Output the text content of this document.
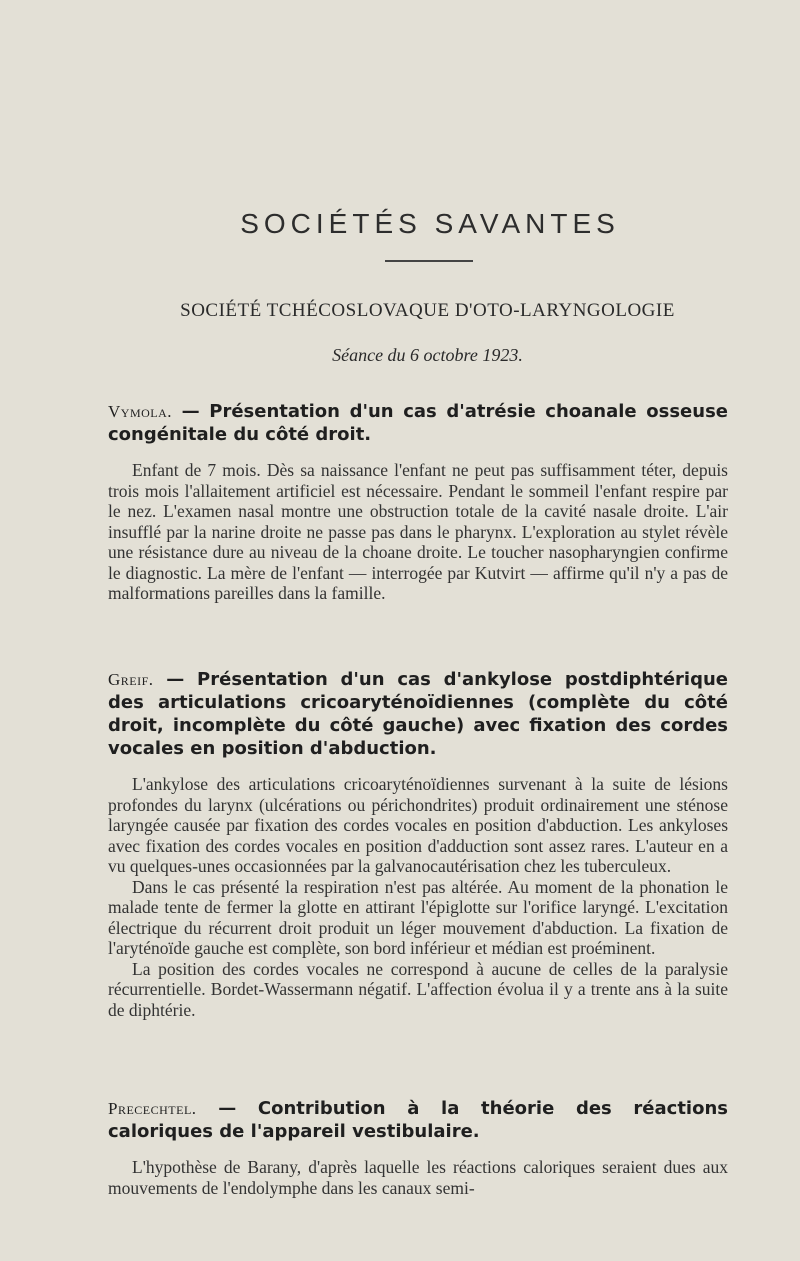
SOCIÉTÉS SAVANTES
SOCIÉTÉ TCHÉCOSLOVAQUE D'OTO-LARYNGOLOGIE
Séance du 6 octobre 1923.

Vymola. — Présentation d'un cas d'atrésie choanale osseuse congénitale du côté droit.

Enfant de 7 mois. Dès sa naissance l'enfant ne peut pas suffisamment téter, depuis trois mois l'allaitement artificiel est nécessaire. Pendant le sommeil l'enfant respire par le nez. L'examen nasal montre une obstruction totale de la cavité nasale droite. L'air insufflé par la narine droite ne passe pas dans le pharynx. L'exploration au stylet révèle une résistance dure au niveau de la choane droite. Le toucher nasopharyngien confirme le diagnostic. La mère de l'enfant — interrogée par Kutvirt — affirme qu'il n'y a pas de malformations pareilles dans la famille.

Greif. — Présentation d'un cas d'ankylose postdiphtérique des articulations cricoaryténoïdiennes (complète du côté droit, incomplète du côté gauche) avec fixation des cordes vocales en position d'abduction.

L'ankylose des articulations cricoaryténoïdiennes survenant à la suite de lésions profondes du larynx (ulcérations ou périchondrites) produit ordinairement une sténose laryngée causée par fixation des cordes vocales en position d'abduction. Les ankyloses avec fixation des cordes vocales en position d'adduction sont assez rares. L'auteur en a vu quelques-unes occasionnées par la galvanocautérisation chez les tuberculeux.

Dans le cas présenté la respiration n'est pas altérée. Au moment de la phonation le malade tente de fermer la glotte en attirant l'épiglotte sur l'orifice laryngé. L'excitation électrique du récurrent droit produit un léger mouvement d'abduction. La fixation de l'aryténoïde gauche est complète, son bord inférieur et médian est proéminent.

La position des cordes vocales ne correspond à aucune de celles de la paralysie récurrentielle. Bordet-Wassermann négatif. L'affection évolua il y a trente ans à la suite de diphtérie.

Precechtel. — Contribution à la théorie des réactions caloriques de l'appareil vestibulaire.

L'hypothèse de Barany, d'après laquelle les réactions caloriques seraient dues aux mouvements de l'endolymphe dans les canaux semi-
